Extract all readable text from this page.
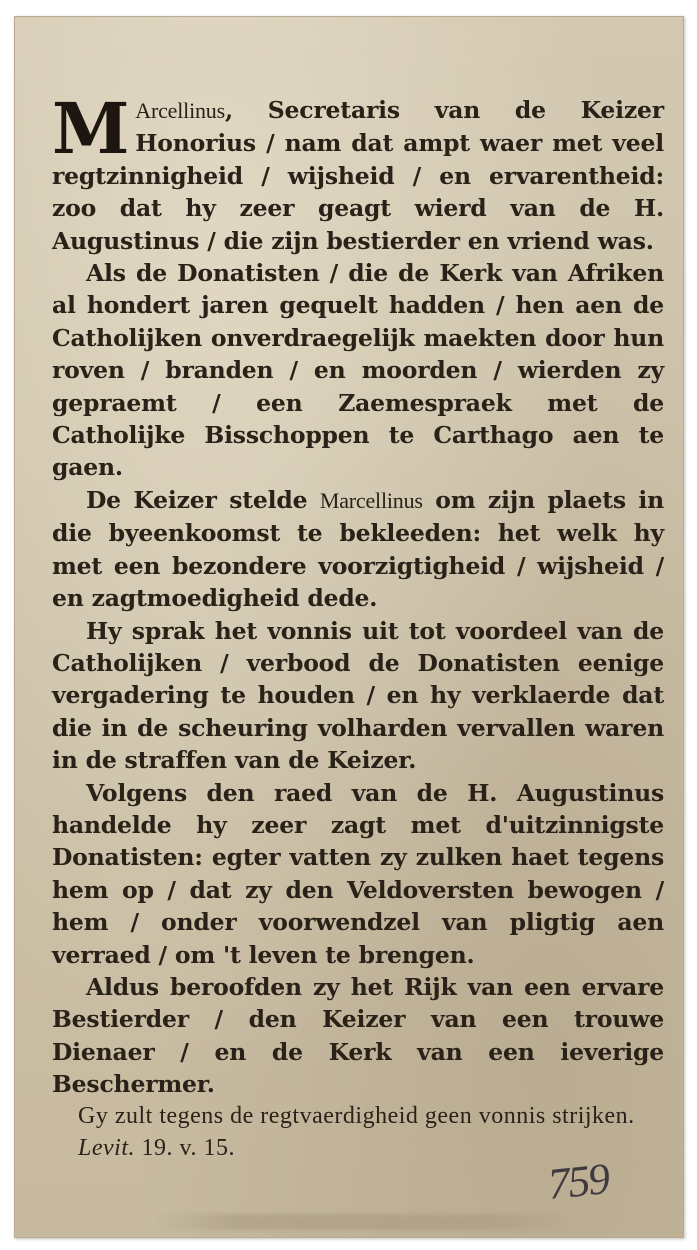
M Arcellinus, Secretaris van de Keizer Honorius / nam dat ampt waer met veel regtzinnigheid / wijsheid / en ervarentheid: zoo dat hy zeer geagt wierd van de H. Augustinus / die zijn bestierder en vriend was.

Als de Donatisten / die de Kerk van Afriken al hondert jaren gequelt hadden / hen aen de Catholijken onverdraegelijk maekten door hun roven / branden / en moorden / wierden zy gepraemt / een Zaemespraek met de Catholijke Bisschoppen te Carthago aen te gaen.

De Keizer stelde Marcellinus om zijn plaets in die byeenkoomst te bekleeden: het welk hy met een bezondere voorzigtigheid / wijsheid / en zagtmoedigheid dede.

Hy sprak het vonnis uit tot voordeel van de Catholijken / verbood de Donatisten eenige vergadering te houden / en hy verklaerde dat die in de scheuring volharden vervallen waren in de straffen van de Keizer.

Volgens den raed van de H. Augustinus handelde hy zeer zagt met d'uitzinnigste Donatisten: egter vatten zy zulken haet tegens hem op / dat zy den Veldoversten bewogen / hem / onder voorwendzel van pligtig aen verraed / om 't leven te brengen.

Aldus beroofden zy het Rijk van een ervare Bestierder / den Keizer van een trouwe Dienaer / en de Kerk van een ieverige Beschermer.

Gy zult tegens de regtvaerdigheid geen vonnis strijken. Levit. 19. v. 15.
759
